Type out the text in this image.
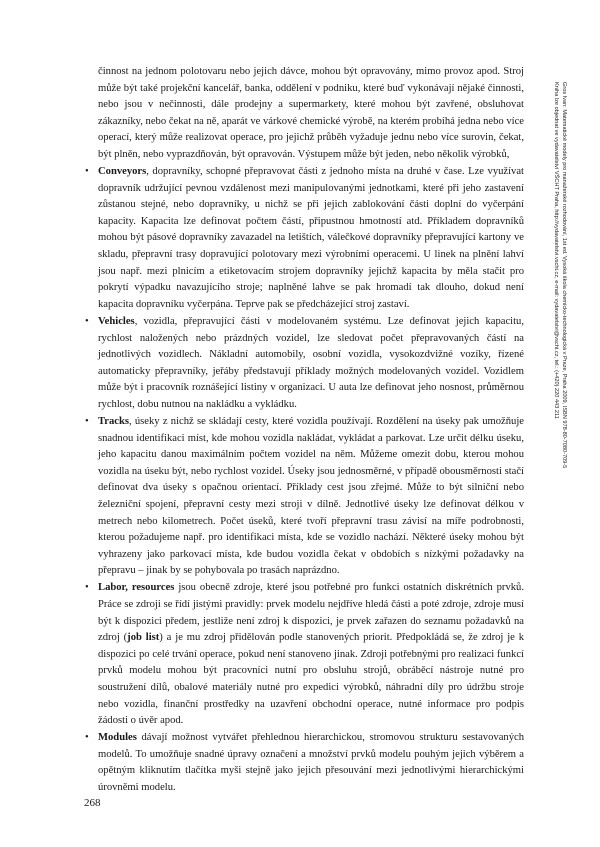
činnost na jednom polotovaru nebo jejich dávce, mohou být opravovány, mimo provoz apod. Stroj může být také projekční kancelář, banka, oddělení v podniku, které buď vykonávají nějaké činnosti, nebo jsou v nečinnosti, dále prodejny a supermarkety, které mohou být zavřené, obsluhovat zákazníky, nebo čekat na ně, aparát ve várkové chemické výrobě, na kterém probíhá jedna nebo více operací, který může realizovat operace, pro jejichž průběh vyžaduje jednu nebo více surovin, čekat, být plněn, nebo vyprazdňován, být opravován. Výstupem může být jeden, nebo několik výrobků,

• Conveyors, dopravníky, schopné přepravovat části z jednoho místa na druhé v čase. Lze využívat dopravník udržující pevnou vzdálenost mezi manipulovanými jednotkami, které při jeho zastavení zůstanou stejné, nebo dopravníky, u nichž se při jejich zablokování části doplní do vyčerpání kapacity. Kapacita lze definovat počtem částí, připustnou hmotností atd. Příkladem dopravníků mohou být pásové dopravníky zavazadel na letištích, válečkové dopravníky přepravující kartony ve skladu, přepravní trasy dopravující polotovary mezi výrobními operacemi. U linek na plnění lahví jsou např. mezi plnicím a etiketovacím strojem dopravníky jejichž kapacita by měla stačit pro pokrytí výpadku navazujícího stroje; naplněné lahve se pak hromadí tak dlouho, dokud není kapacita dopravníku vyčerpána. Teprve pak se předcházející stroj zastaví.

• Vehicles, vozidla, přepravující části v modelovaném systému. Lze definovat jejich kapacitu, rychlost naložených nebo prázdných vozidel, lze sledovat počet přepravovaných částí na jednotlivých vozidlech. Nákladní automobily, osobní vozidla, vysokozdvižné vozíky, řízené automaticky přepravníky, jeřáby představují příklady možných modelovaných vozidel. Vozidlem může být i pracovník roznášející listiny v organizaci. U auta lze definovat jeho nosnost, průměrnou rychlost, dobu nutnou na nakládku a vykládku.

• Tracks, úseky z nichž se skládají cesty, které vozidla používají. Rozdělení na úseky pak umožňuje snadnou identifikaci míst, kde mohou vozidla nakládat, vykládat a parkovat. Lze určit délku úseku, jeho kapacitu danou maximálním počtem vozidel na něm. Můžeme omezit dobu, kterou mohou vozidla na úseku být, nebo rychlost vozidel. Úseky jsou jednosměrné, v případě obousměrnosti stačí definovat dva úseky s opačnou orientací. Příklady cest jsou zřejmé. Může to být silniční nebo železniční spojení, přepravní cesty mezi stroji v dílně. Jednotlivé úseky lze definovat délkou v metrech nebo kilometrech. Počet úseků, které tvoří přepravní trasu závisí na míře podrobnosti, kterou požadujeme např. pro identifikaci místa, kde se vozidlo nachází. Některé úseky mohou být vyhrazeny jako parkovací místa, kde budou vozidla čekat v obdobích s nízkými požadavky na přepravu – jinak by se pohybovala po trasách naprázdno.

• Labor, resources jsou obecně zdroje, které jsou potřebné pro funkci ostatních diskrétních prvků. Práce se zdroji se řídí jistými pravidly: prvek modelu nejdříve hledá části a poté zdroje, zdroje musí být k dispozici předem, jestliže není zdroj k dispozici, je prvek zařazen do seznamu požadavků na zdroj (job list) a je mu zdroj přidělován podle stanovených priorit. Předpokládá se, že zdroj je k dispozici po celé trvání operace, pokud není stanoveno jinak. Zdroji potřebnými pro realizaci funkcí prvků modelu mohou být pracovníci nutní pro obsluhu strojů, obráběcí nástroje nutné pro soustružení dílů, obalové materiály nutné pro expedici výrobků, náhradní díly pro údržbu stroje nebo vozidla, finanční prostředky na uzavření obchodní operace, nutné informace pro podpis žádosti o úvěr apod.

• Modules dávají možnost vytvářet přehlednou hierarchickou, stromovou strukturu sestavovaných modelů. To umožňuje snadné úpravy označení a množství prvků modelu pouhým jejich výběrem a opětným kliknutím tlačítka myši stejně jako jejich přesouvání mezi jednotlivými hierarchickými úrovněmi modelu.

268
Gros Ivan: Matematické modely pro manažerské rozhodování, 1st ed. Vysoká škola chemicko-technologická v Praze, Praha 2009, ISBN 978-80-7080-709-5
Kniha lze objednat ve vydavatelství VŠCHT Praha, http://vydavatelstvi.vscht.cz, e-mail: vydavatelstvi@vscht.cz, tel.: (+420) 220 443 211
